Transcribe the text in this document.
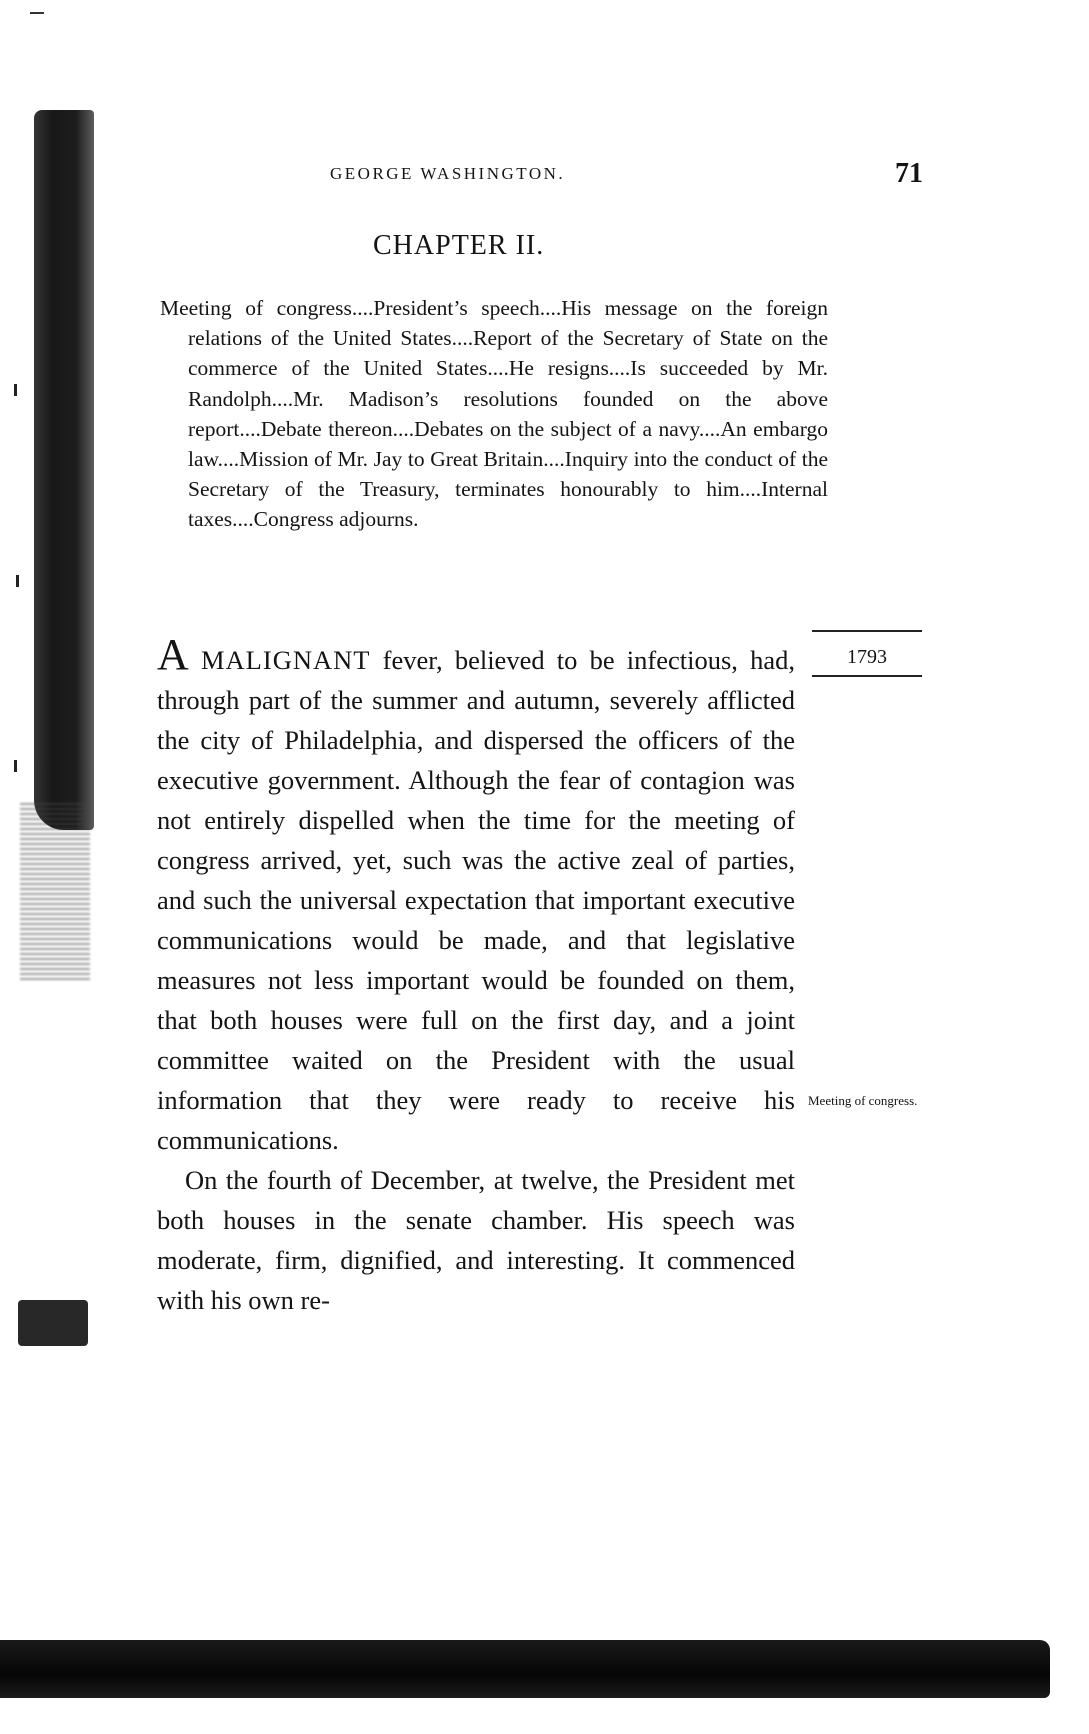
GEORGE WASHINGTON.	71
CHAPTER II.
Meeting of congress....President’s speech....His message on the foreign relations of the United States....Report of the Secretary of State on the commerce of the United States....He resigns....Is succeeded by Mr. Randolph....Mr. Madison’s resolutions founded on the above report....Debate thereon....Debates on the subject of a navy....An embargo law....Mission of Mr. Jay to Great Britain....Inquiry into the conduct of the Secretary of the Treasury, terminates honourably to him....Internal taxes....Congress adjourns.
1793

A MALIGNANT fever, believed to be infectious, had, through part of the summer and autumn, severely afflicted the city of Philadelphia, and dispersed the officers of the executive government. Although the fear of contagion was not entirely dispelled when the time for the meeting of congress arrived, yet, such was the active zeal of parties, and such the universal expectation that important executive communications would be made, and that legislative measures not less important would be founded on them, that both houses were full on the first day, and a joint committee waited on the President with the usual information that they were ready to receive his communications.

On the fourth of December, at twelve, the President met both houses in the senate chamber. His speech was moderate, firm, dignified, and interesting. It commenced with his own re-

Meeting of congress.
